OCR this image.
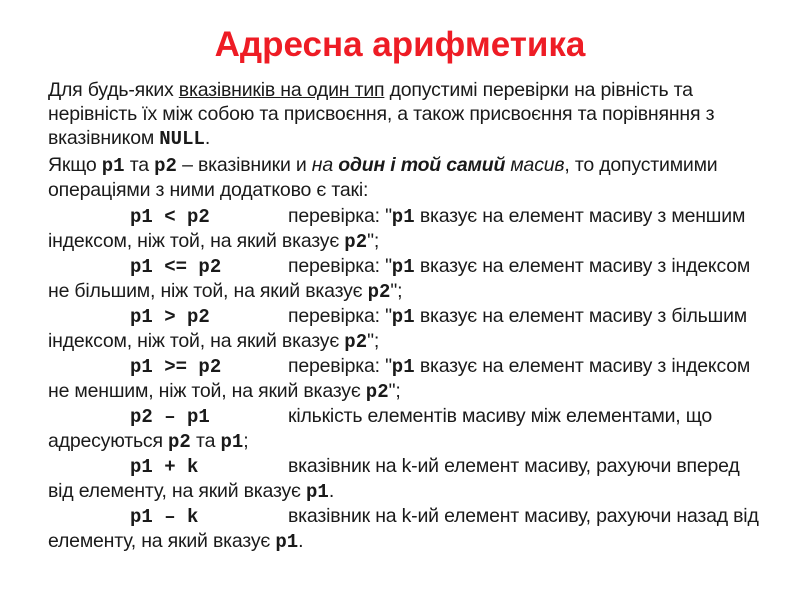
Адресна арифметика

Для будь-яких вказівників на один тип допустимі перевірки на рівність та нерівність їх між собою та присвоєння, а також присвоєння та порівняння з вказівником NULL.

Якщо p1 та p2 – вказівники и на один і той самий масив, то допустимими операціями з ними додатково є такі:

p1 < p2	перевірка: "p1 вказує на елемент масиву з меншим індексом, ніж той, на який вказує p2";

p1 <= p2	перевірка: "p1 вказує на елемент масиву з індексом не більшим, ніж той, на який вказує p2";

p1 > p2	перевірка: "p1 вказує на елемент масиву з більшим індексом, ніж той, на який вказує p2";

p1 >= p2	перевірка: "p1 вказує на елемент масиву з індексом не меншим, ніж той, на який вказує p2";

p2 – p1	кількість елементів масиву між елементами, що адресуються p2 та p1;

p1 + k	вказівник на k-ий елемент масиву, рахуючи вперед від елементу, на який вказує p1.

p1 – k	вказівник на k-ий елемент масиву, рахуючи назад від елементу, на який вказує p1.
